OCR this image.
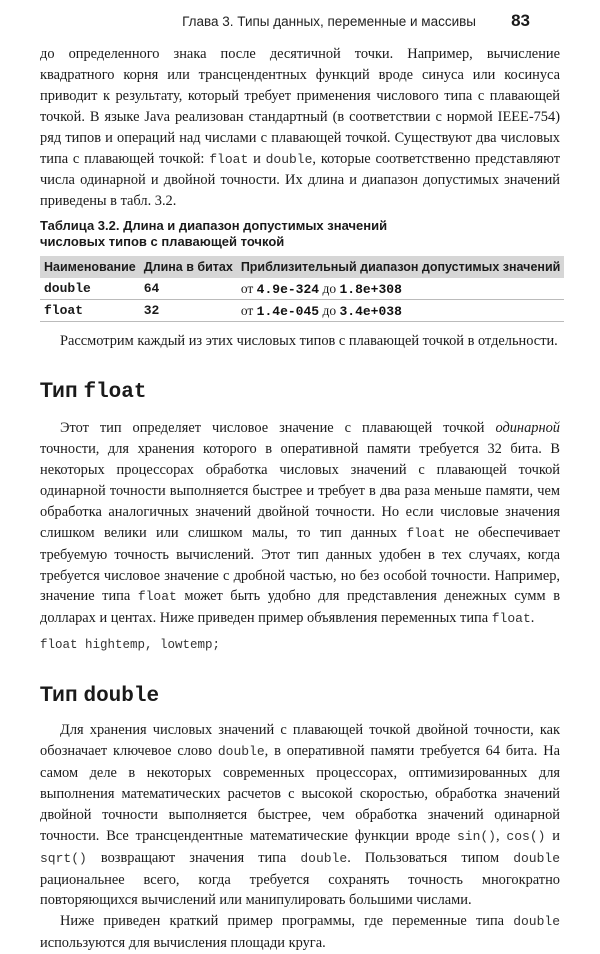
Глава 3. Типы данных, переменные и массивы 83

до определенного знака после десятичной точки. Например, вычисление квадратного корня или трансцендентных функций вроде синуса или косинуса приводит к результату, который требует применения числового типа с плавающей точкой. В языке Java реализован стандартный (в соответствии с нормой IEEE-754) ряд типов и операций над числами с плавающей точкой. Существуют два числовых типа с плавающей точкой: float и double, которые соответственно представляют числа одинарной и двойной точности. Их длина и диапазон допустимых значений приведены в табл. 3.2.

Таблица 3.2. Длина и диапазон допустимых значений
числовых типов с плавающей точкой
Наименование	Длина в битах	Приблизительный диапазон допустимых значений
double	64	от 4.9e-324 до 1.8e+308
float	32	от 1.4e-045 до 3.4e+038

Рассмотрим каждый из этих числовых типов с плавающей точкой в отдельности.

Тип float

Этот тип определяет числовое значение с плавающей точкой одинарной точности, для хранения которого в оперативной памяти требуется 32 бита. В некоторых процессорах обработка числовых значений с плавающей точкой одинарной точности выполняется быстрее и требует в два раза меньше памяти, чем обработка аналогичных значений двойной точности. Но если числовые значения слишком велики или слишком малы, то тип данных float не обеспечивает требуемую точность вычислений. Этот тип данных удобен в тех случаях, когда требуется числовое значение с дробной частью, но без особой точности. Например, значение типа float может быть удобно для представления денежных сумм в долларах и центах. Ниже приведен пример объявления переменных типа float.

float hightemp, lowtemp;
Тип double

Для хранения числовых значений с плавающей точкой двойной точности, как обозначает ключевое слово double, в оперативной памяти требуется 64 бита. На самом деле в некоторых современных процессорах, оптимизированных для выполнения математических расчетов с высокой скоростью, обработка значений двойной точности выполняется быстрее, чем обработка значений одинарной точности. Все трансцендентные математические функции вроде sin(), cos() и sqrt() возвращают значения типа double. Пользоваться типом double рациональнее всего, когда требуется сохранять точность многократно повторяющихся вычислений или манипулировать большими числами.

Ниже приведен краткий пример программы, где переменные типа double используются для вычисления площади круга.
